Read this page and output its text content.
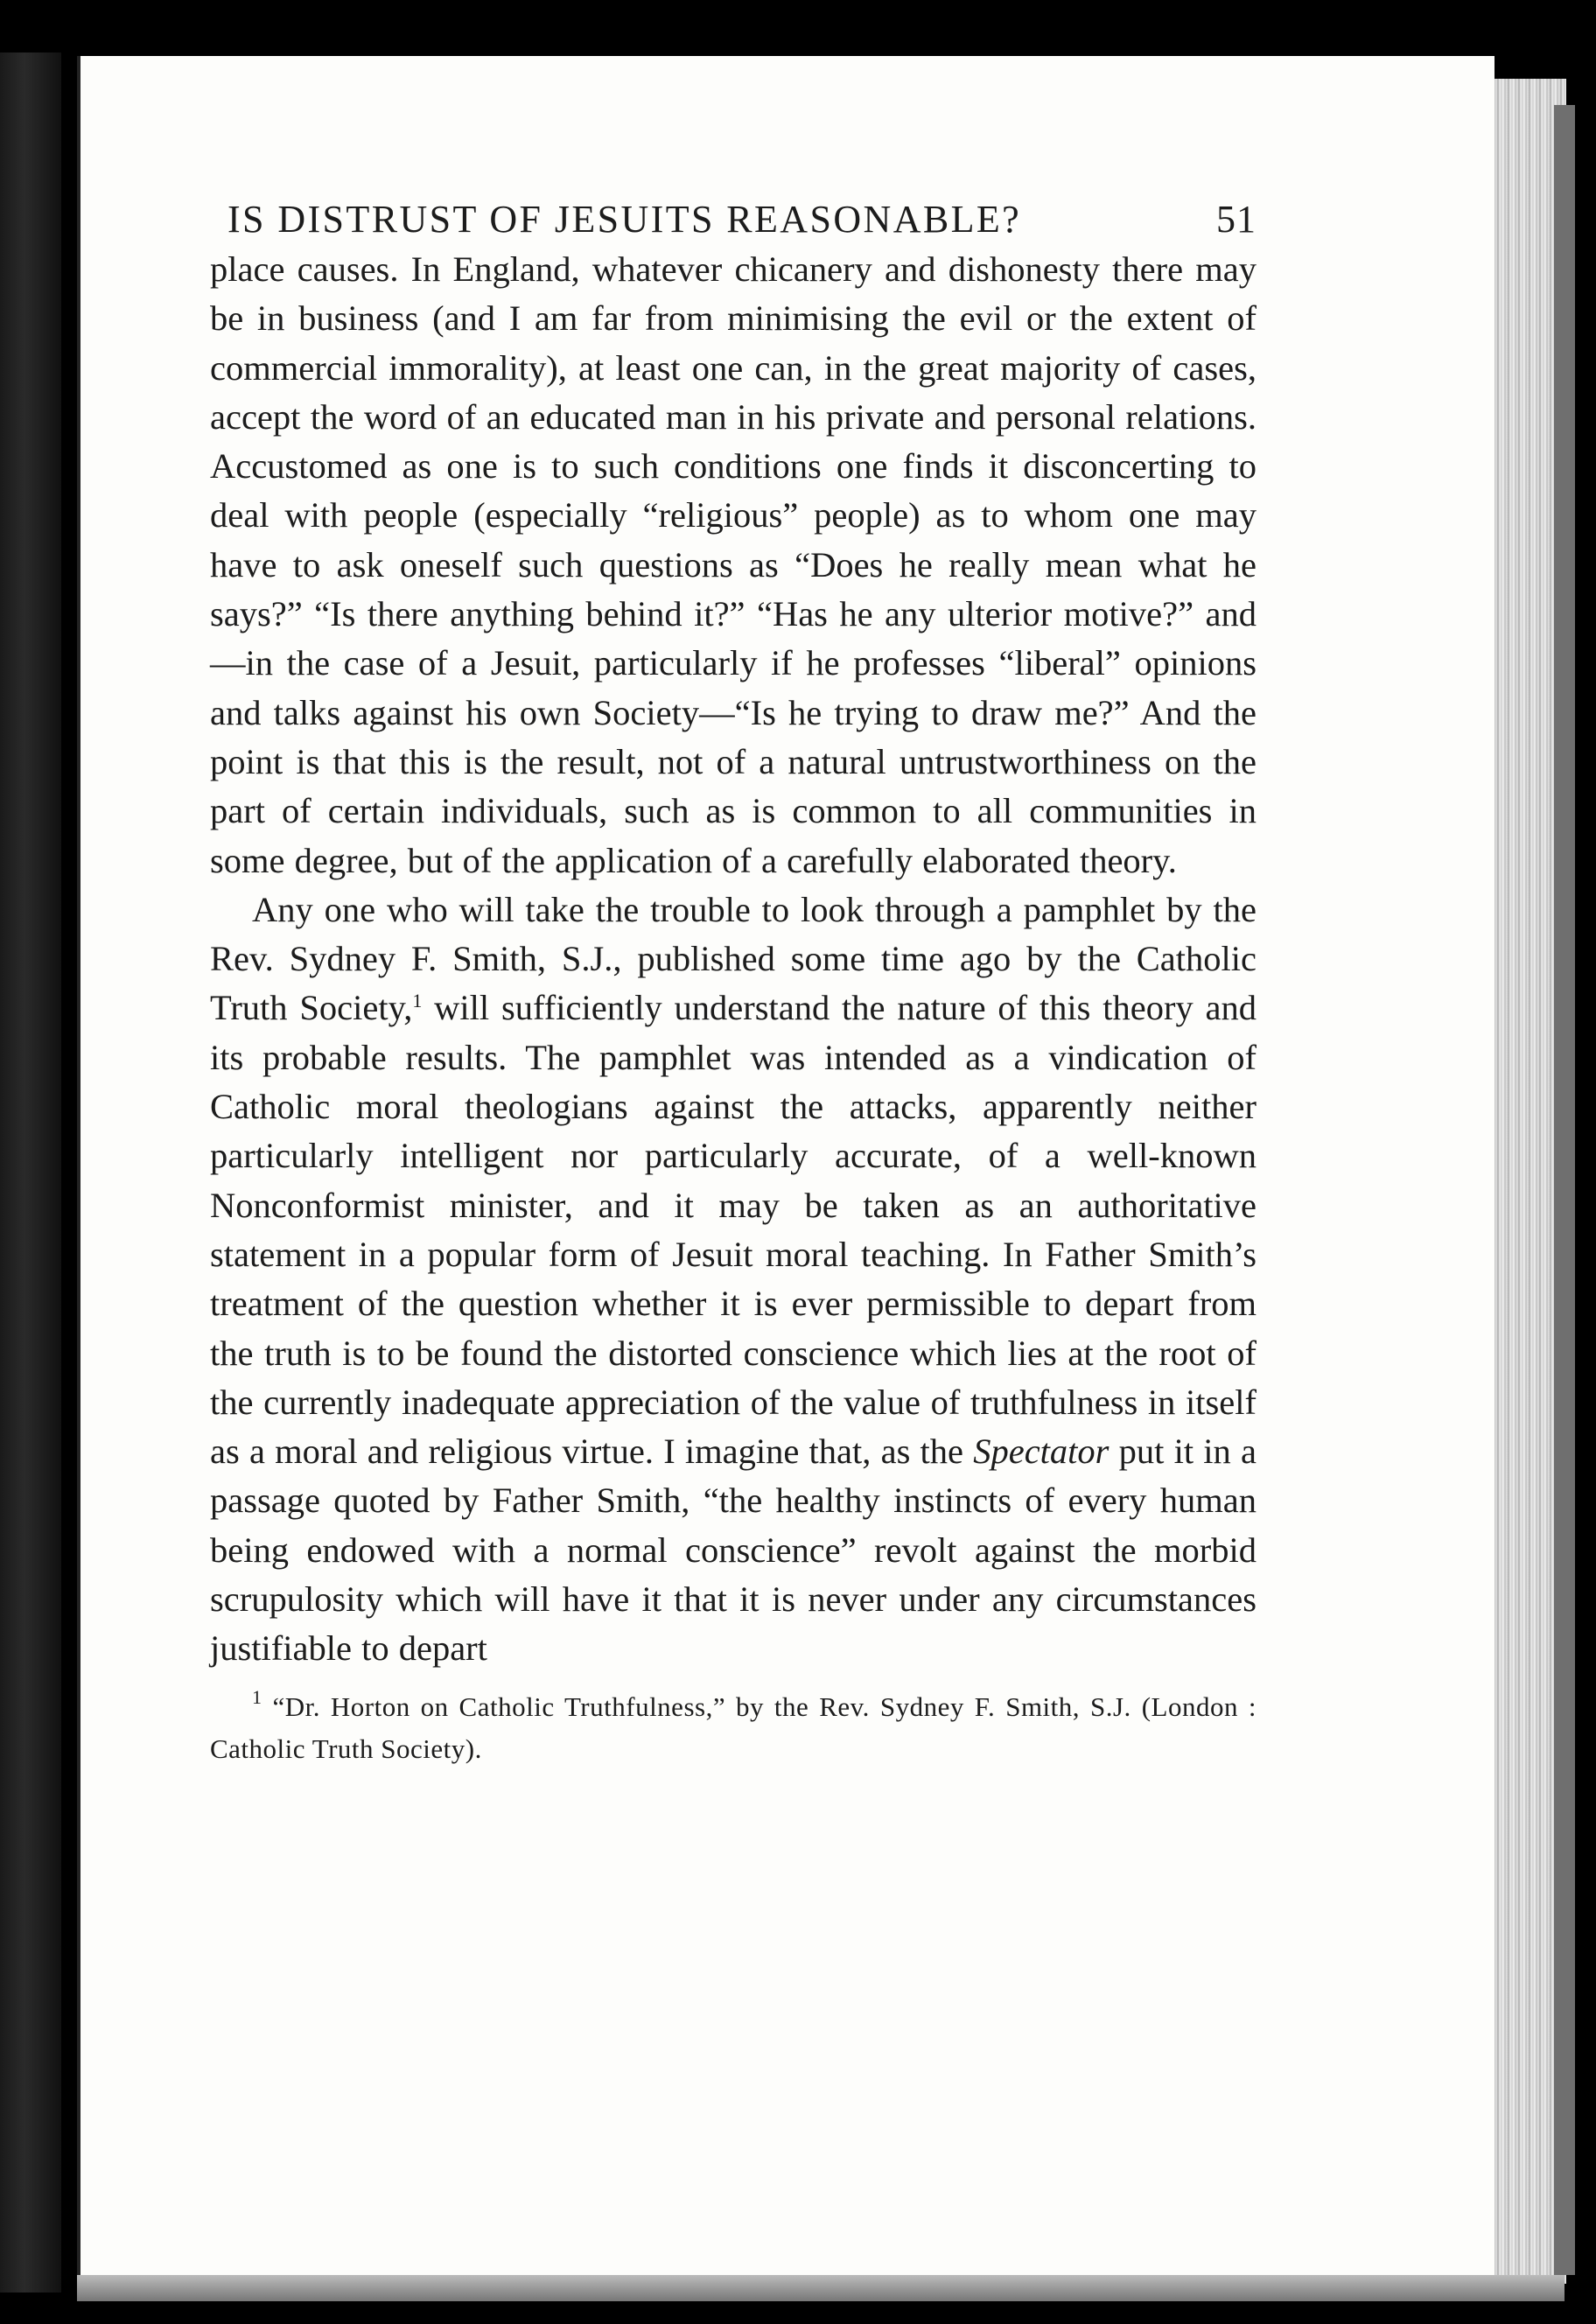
IS DISTRUST OF JESUITS REASONABLE?	51

place causes. In England, whatever chicanery and dishonesty there may be in business (and I am far from minimising the evil or the extent of commercial immorality), at least one can, in the great majority of cases, accept the word of an educated man in his private and personal relations. Accustomed as one is to such conditions one finds it disconcerting to deal with people (especially “religious” people) as to whom one may have to ask oneself such questions as “Does he really mean what he says?” “Is there anything behind it?” “Has he any ulterior motive?” and—in the case of a Jesuit, particularly if he professes “liberal” opinions and talks against his own Society—“Is he trying to draw me?” And the point is that this is the result, not of a natural untrustworthiness on the part of certain individuals, such as is common to all communities in some degree, but of the application of a carefully elaborated theory.

Any one who will take the trouble to look through a pamphlet by the Rev. Sydney F. Smith, S.J., published some time ago by the Catholic Truth Society,$^1$ will sufficiently understand the nature of this theory and its probable results. The pamphlet was intended as a vindication of Catholic moral theologians against the attacks, apparently neither particularly intelligent nor particularly accurate, of a well-known Nonconformist minister, and it may be taken as an authoritative statement in a popular form of Jesuit moral teaching. In Father Smith’s treatment of the question whether it is ever permissible to depart from the truth is to be found the distorted conscience which lies at the root of the currently inadequate appreciation of the value of truthfulness in itself as a moral and religious virtue. I imagine that, as the Spectator put it in a passage quoted by Father Smith, “the healthy instincts of every human being endowed with a normal conscience” revolt against the morbid scrupulosity which will have it that it is never under any circumstances justifiable to depart

$^1$ “Dr. Horton on Catholic Truthfulness,” by the Rev. Sydney F. Smith, S.J. (London : Catholic Truth Society).
